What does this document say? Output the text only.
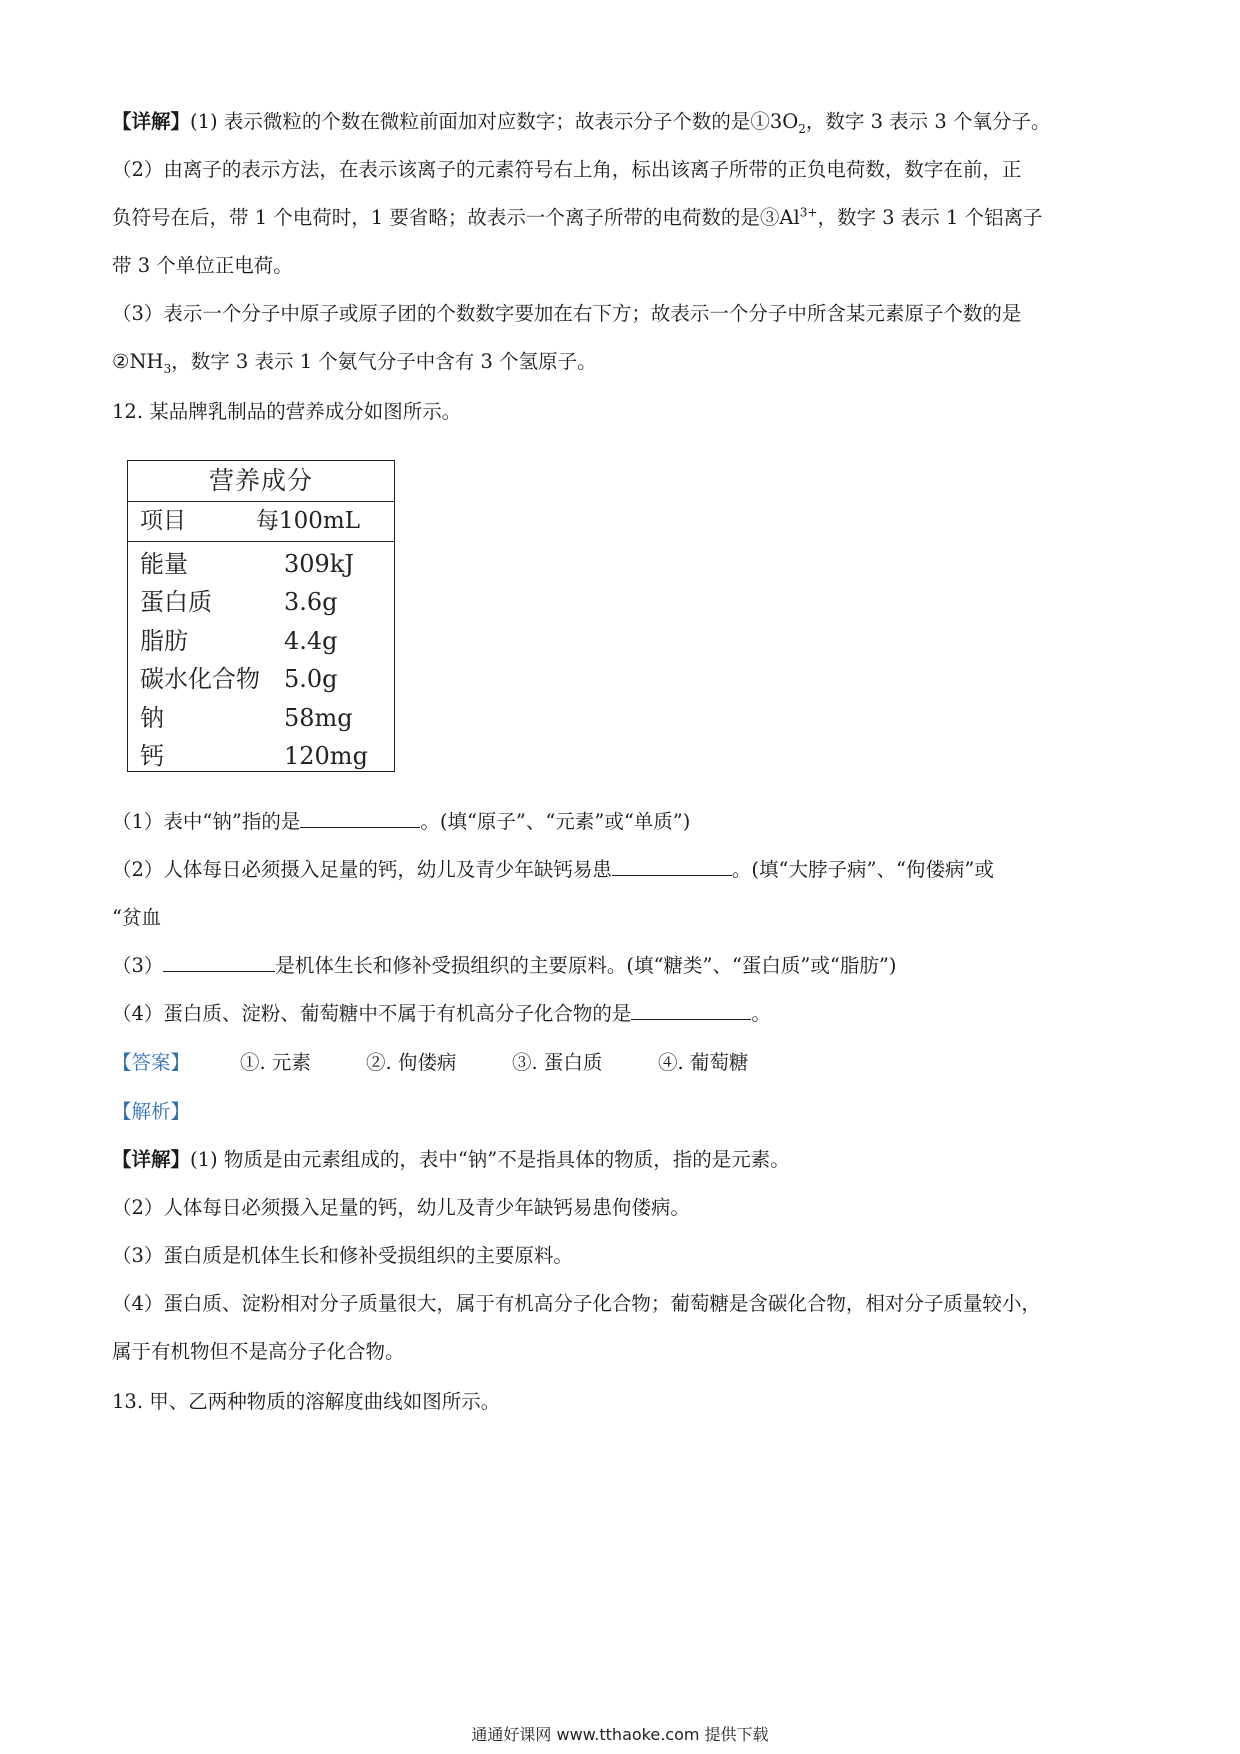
【详解】(1) 表示微粒的个数在微粒前面加对应数字；故表示分子个数的是$①3O_2$，数字 3 表示 3 个氧分子。
（2）由离子的表示方法，在表示该离子的元素符号右上角，标出该离子所带的正负电荷数，数字在前，正
负符号在后，带 1 个电荷时，1 要省略；故表示一个离子所带的电荷数的是$③Al^{3+}$，数字 3 表示 1 个铝离子
带 3 个单位正电荷。
（3）表示一个分子中原子或原子团的个数数字要加在右下方；故表示一个分子中所含某元素原子个数的是
$②NH_3$，数字 3 表示 1 个氨气分子中含有 3 个氢原子。
12. 某品牌乳制品的营养成分如图所示。
营养成分
项目	每100mL
能量	309kJ
蛋白质	3.6g
脂肪	4.4g
碳水化合物 5.0g
钠	58mg
钙	120mg
（1）表中“钠”指的是	。(填“原子”、“元素”或“单质”)
（2）人体每日必须摄入足量的钙，幼儿及青少年缺钙易患	。(填“大脖子病”、“佝偻病”或
“贫血
（3）	是机体生长和修补受损组织的主要原料。(填“糖类”、“蛋白质”或“脂肪”)
（4）蛋白质、淀粉、葡萄糖中不属于有机高分子化合物的是	。
【答案】	①. 元素	②. 佝偻病	③. 蛋白质	④. 葡萄糖
【解析】
【详解】(1) 物质是由元素组成的，表中“钠”不是指具体的物质，指的是元素。
（2）人体每日必须摄入足量的钙，幼儿及青少年缺钙易患佝偻病。
（3）蛋白质是机体生长和修补受损组织的主要原料。
（4）蛋白质、淀粉相对分子质量很大，属于有机高分子化合物；葡萄糖是含碳化合物，相对分子质量较小，
属于有机物但不是高分子化合物。
13. 甲、乙两种物质的溶解度曲线如图所示。
通通好课网 www.tthaoke.com 提供下载
